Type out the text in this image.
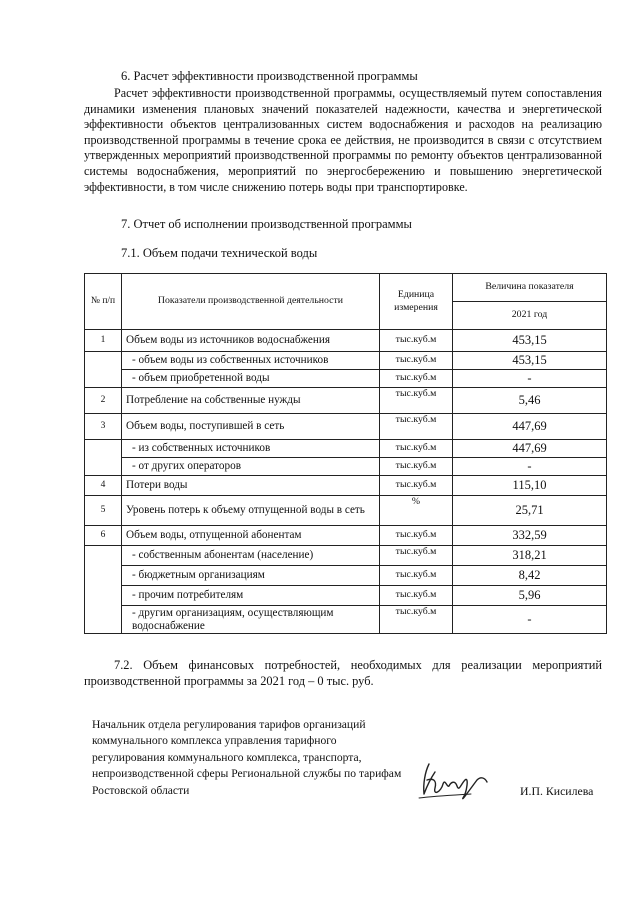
6. Расчет эффективности производственной программы
Расчет эффективности производственной программы, осуществляемый путем сопоставления динамики изменения плановых значений показателей надежности, качества и энергетической эффективности объектов централизованных систем водоснабжения и расходов на реализацию производственной программы в течение срока ее действия, не производится в связи с отсутствием утвержденных мероприятий производственной программы по ремонту объектов централизованной системы водоснабжения, мероприятий по энергосбережению и повышению энергетической эффективности, в том числе снижению потерь воды при транспортировке.
7. Отчет об исполнении производственной программы
7.1. Объем подачи технической воды
№ п/п	Показатели производственной деятельности	Единица измерения	Величина показателя
			2021 год
1	Объем воды из источников водоснабжения	тыс.куб.м	453,15
	- объем воды из собственных источников	тыс.куб.м	453,15
	- объем приобретенной воды	тыс.куб.м	-
2	Потребление на собственные нужды	тыс.куб.м	5,46
3	Объем воды, поступившей в сеть	тыс.куб.м	447,69
	- из собственных источников	тыс.куб.м	447,69
	- от других операторов	тыс.куб.м	-
4	Потери воды	тыс.куб.м	115,10
5	Уровень потерь к объему отпущенной воды в сеть	%	25,71
6	Объем воды, отпущенной абонентам	тыс.куб.м	332,59
	- собственным абонентам (население)	тыс.куб.м	318,21
	- бюджетным организациям	тыс.куб.м	8,42
	- прочим потребителям	тыс.куб.м	5,96
	- другим организациям, осуществляющим водоснабжение	тыс.куб.м	-
7.2. Объем финансовых потребностей, необходимых для реализации мероприятий производственной программы за 2021 год – 0 тыс. руб.
Начальник отдела регулирования тарифов организаций коммунального комплекса управления тарифного регулирования коммунального комплекса, транспорта, непроизводственной сферы Региональной службы по тарифам Ростовской области	И.П. Кисилева
